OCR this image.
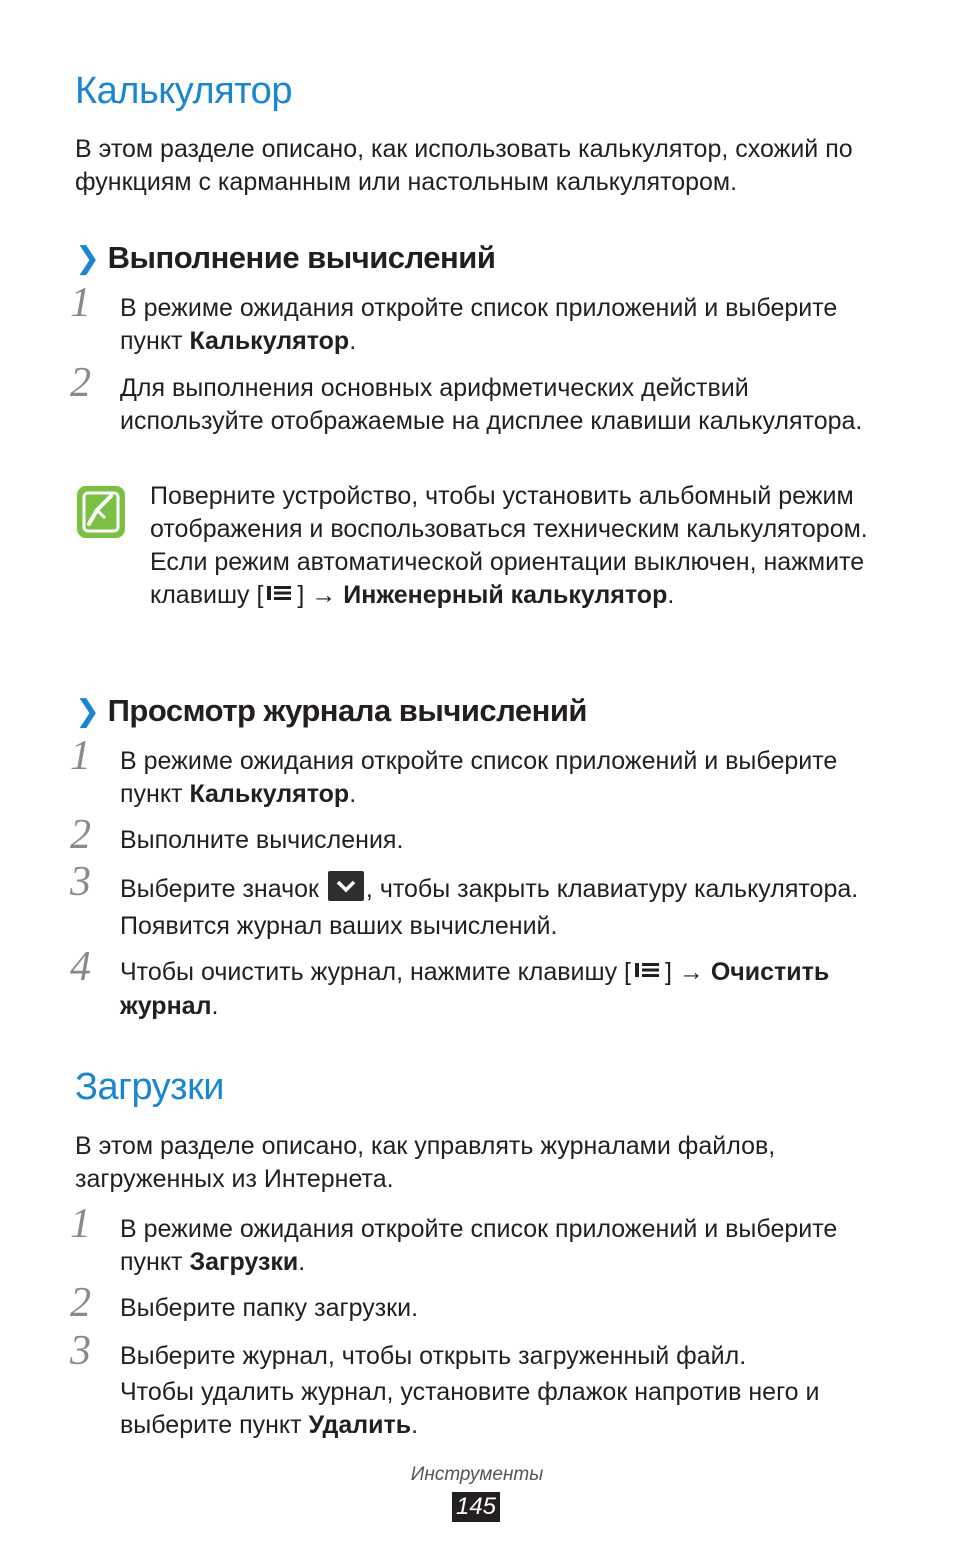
Калькулятор

В этом разделе описано, как использовать калькулятор, схожий по функциям с карманным или настольным калькулятором.

❯ Выполнение вычислений
1	В режиме ожидания откройте список приложений и выберите пункт Калькулятор.
2	Для выполнения основных арифметических действий используйте отображаемые на дисплее клавиши калькулятора.
Поверните устройство, чтобы установить альбомный режим отображения и воспользоваться техническим калькулятором. Если режим автоматической ориентации выключен, нажмите клавишу [ ] → Инженерный калькулятор.
❯ Просмотр журнала вычислений
1	В режиме ожидания откройте список приложений и выберите пункт Калькулятор.
2	Выполните вычисления.
3	Выберите значок
, чтобы закрыть клавиатуру калькулятора.
Появится журнал ваших вычислений.
4	Чтобы очистить журнал, нажмите клавишу [ ] → Очистить журнал.
Загрузки

В этом разделе описано, как управлять журналами файлов, загруженных из Интернета.

1	В режиме ожидания откройте список приложений и выберите пункт Загрузки.
2	Выберите папку загрузки.
3	Выберите журнал, чтобы открыть загруженный файл.
Чтобы удалить журнал, установите флажок напротив него и выберите пункт Удалить.
Инструменты
145
